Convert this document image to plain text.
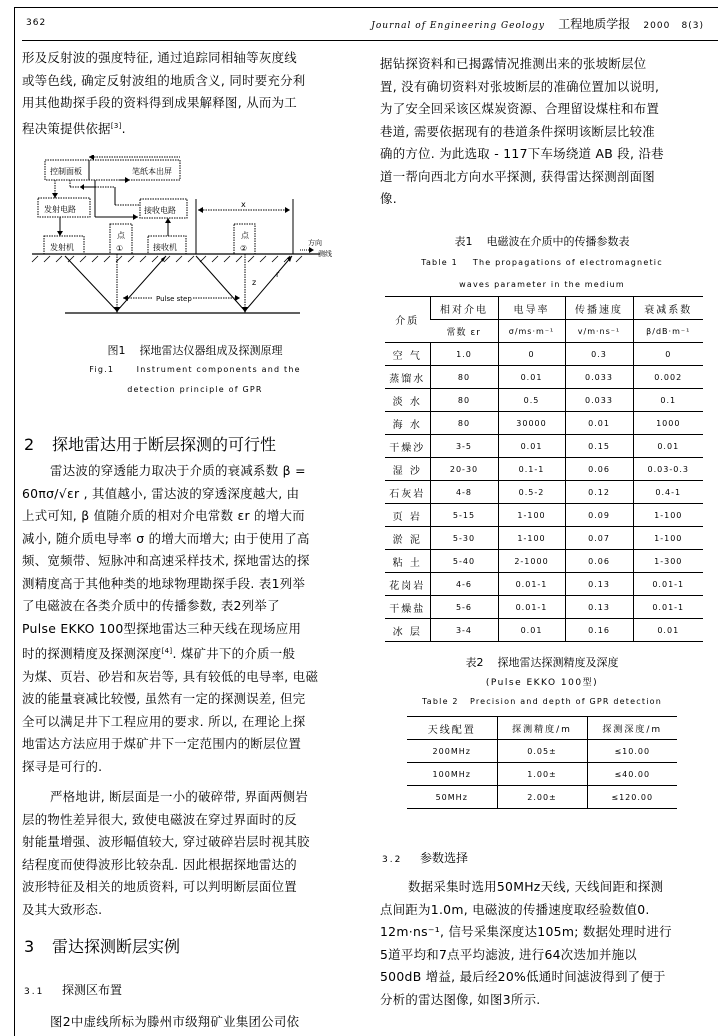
362	Journal of Engineering Geology 工程地质学报 2000 8(3)
形及反射波的强度特征, 通过追踪同相轴等灰度线
或等色线, 确定反射波组的地质含义, 同时要充分利
用其他勘探手段的资料得到成果解释图, 从而为工
程决策提供依据[3].
控制面板	笔纸本出屏
发射电路	接收电路
发射机	接收机
点
①
点
②
x
z
r
方向
测线
Pulse step
图1 探地雷达仪器组成及探测原理
Fig.1	Instrument components and the
detection principle of GPR
2 探地雷达用于断层探测的可行性
雷达波的穿透能力取决于介质的衰减系数 β =
60πσ/√εr , 其值越小, 雷达波的穿透深度越大, 由
上式可知, β 值随介质的相对介电常数 εr 的增大而
减小, 随介质电导率 σ 的增大而增大; 由于使用了高
频、宽频带、短脉冲和高速采样技术, 探地雷达的探
测精度高于其他种类的地球物理勘探手段. 表1列举
了电磁波在各类介质中的传播参数, 表2列举了
Pulse EKKO 100型探地雷达三种天线在现场应用
时的探测精度及探测深度[4]. 煤矿井下的介质一般
为煤、页岩、砂岩和灰岩等, 具有较低的电导率, 电磁
波的能量衰减比较慢, 虽然有一定的探测误差, 但完
全可以满足井下工程应用的要求. 所以, 在理论上探
地雷达方法应用于煤矿井下一定范围内的断层位置
探寻是可行的.
严格地讲, 断层面是一小的破碎带, 界面两侧岩
层的物性差异很大, 致使电磁波在穿过界面时的反
射能量增强、波形幅值较大, 穿过破碎岩层时视其胶
结程度而使得波形比较杂乱. 因此根据探地雷达的
波形特征及相关的地质资料, 可以判明断层面位置
及其大致形态.
3 雷达探测断层实例
3.1 探测区布置
图2中虚线所标为滕州市级翔矿业集团公司依
据钻探资料和已揭露情况推测出来的张坡断层位
置, 没有确切资料对张坡断层的准确位置加以说明,
为了安全回采该区煤炭资源、合理留设煤柱和布置
巷道, 需要依据现有的巷道条件探明该断层比较准
确的方位. 为此选取 - 117下车场绕道 AB 段, 沿巷
道一帮向西北方向水平探测, 获得雷达探测剖面图
像.
表1 电磁波在介质中的传播参数表
Table 1 The propagations of electromagnetic
waves parameter in the medium
介质	相对介电	电导率	传播速度	衰减系数
	常数 εr	σ/ms·m⁻¹	v/m·ns⁻¹	β/dB·m⁻¹
空 气	1.0	0	0.3	0
蒸馏水	80	0.01	0.033	0.002
淡 水	80	0.5	0.033	0.1
海 水	80	30000	0.01	1000
干燥沙	3-5	0.01	0.15	0.01
湿 沙	20-30	0.1-1	0.06	0.03-0.3
石灰岩	4-8	0.5-2	0.12	0.4-1
页 岩	5-15	1-100	0.09	1-100
淤 泥	5-30	1-100	0.07	1-100
粘 土	5-40	2-1000	0.06	1-300
花岗岩	4-6	0.01-1	0.13	0.01-1
干燥盐	5-6	0.01-1	0.13	0.01-1
冰 层	3-4	0.01	0.16	0.01
表2 探地雷达探测精度及深度
(Pulse EKKO 100型)
Table 2 Precision and depth of GPR detection
天线配置	探测精度/m	探测深度/m
200MHz	0.05±	≤10.00
100MHz	1.00±	≤40.00
50MHz	2.00±	≤120.00
3.2 参数选择
数据采集时选用50MHz天线, 天线间距和探测
点间距为1.0m, 电磁波的传播速度取经验数值0.
12m·ns⁻¹, 信号采集深度达105m; 数据处理时进行
5道平均和7点平均滤波, 进行64次迭加并施以
500dB 增益, 最后经20%低通时间滤波得到了便于
分析的雷达图像, 如图3所示.
